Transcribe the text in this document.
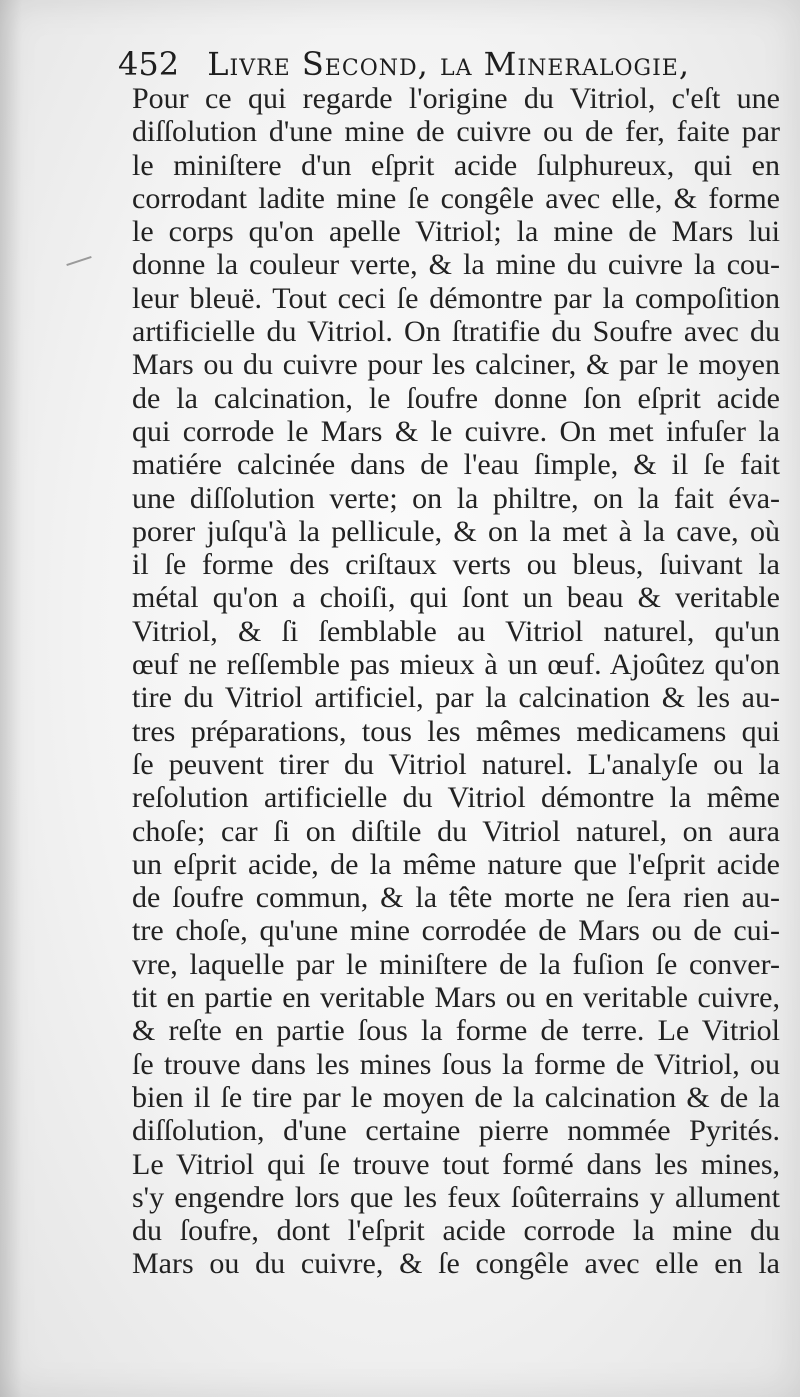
452 Livre Second, la Mineralogie,
Pour ce qui regarde l'origine du Vitriol, c'eſt une
diſſolution d'une mine de cuivre ou de fer, faite par
le miniſtere d'un eſprit acide ſulphureux, qui en
corrodant ladite mine ſe congêle avec elle, & forme
le corps qu'on apelle Vitriol; la mine de Mars lui
donne la couleur verte, & la mine du cuivre la cou-
leur bleuë. Tout ceci ſe démontre par la compoſition
artificielle du Vitriol. On ſtratifie du Soufre avec du
Mars ou du cuivre pour les calciner, & par le moyen
de la calcination, le ſoufre donne ſon eſprit acide
qui corrode le Mars & le cuivre. On met infuſer la
matiére calcinée dans de l'eau ſimple, & il ſe fait
une diſſolution verte; on la philtre, on la fait éva-
porer juſqu'à la pellicule, & on la met à la cave, où
il ſe forme des criſtaux verts ou bleus, ſuivant la
métal qu'on a choiſi, qui ſont un beau & veritable
Vitriol, & ſi ſemblable au Vitriol naturel, qu'un
œuf ne reſſemble pas mieux à un œuf. Ajoûtez qu'on
tire du Vitriol artificiel, par la calcination & les au-
tres préparations, tous les mêmes medicamens qui
ſe peuvent tirer du Vitriol naturel. L'analyſe ou la
reſolution artificielle du Vitriol démontre la même
choſe; car ſi on diſtile du Vitriol naturel, on aura
un eſprit acide, de la même nature que l'eſprit acide
de ſoufre commun, & la tête morte ne ſera rien au-
tre choſe, qu'une mine corrodée de Mars ou de cui-
vre, laquelle par le miniſtere de la fuſion ſe conver-
tit en partie en veritable Mars ou en veritable cuivre,
& reſte en partie ſous la forme de terre. Le Vitriol
ſe trouve dans les mines ſous la forme de Vitriol, ou
bien il ſe tire par le moyen de la calcination & de la
diſſolution, d'une certaine pierre nommée Pyrités.
Le Vitriol qui ſe trouve tout formé dans les mines,
s'y engendre lors que les feux ſoûterrains y allument
du ſoufre, dont l'eſprit acide corrode la mine du
Mars ou du cuivre, & ſe congêle avec elle en la
